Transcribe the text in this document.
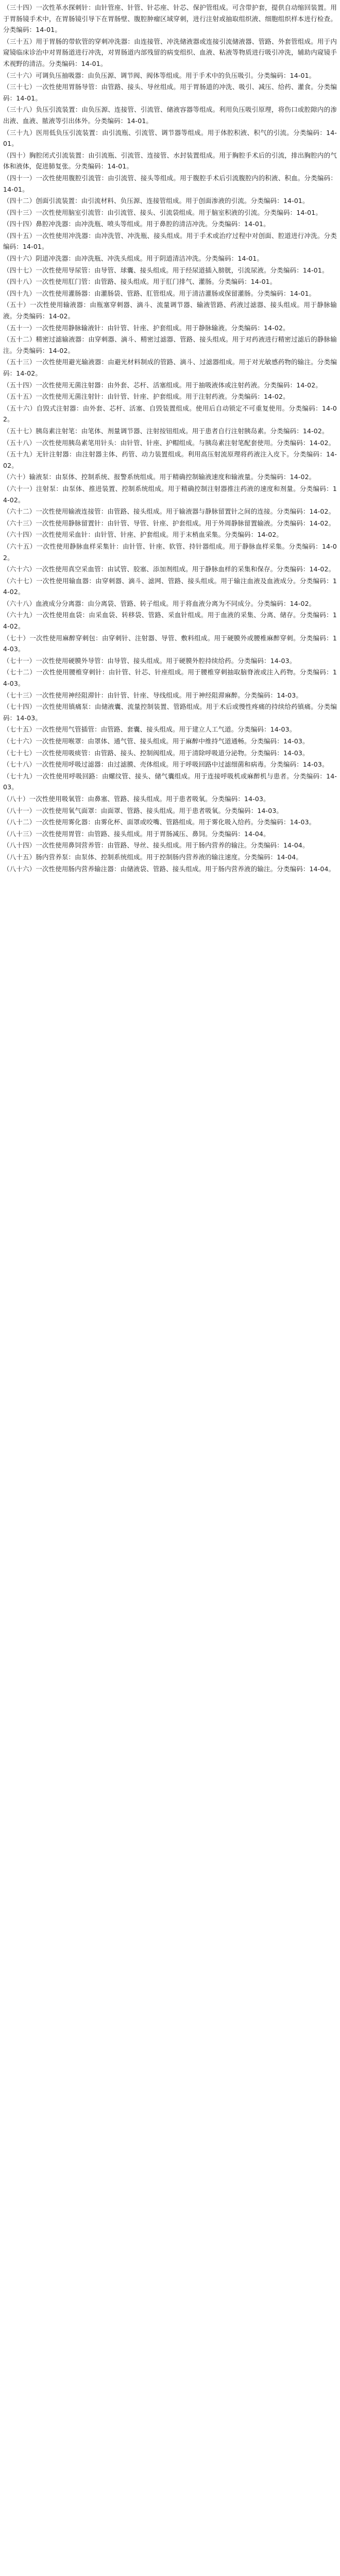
（三十四）一次性革水探刺针：由针管座、针管、针芯座、针芯、保护管组成。可含带护套，提供自动缩回装置。用于胃肠镜手术中，在胃肠镜引导下在胃肠壁、腹腔肿瘤区域穿刺，进行注射或抽取组织液、细胞组织样本进行检查。分类编码：14-01。

（三十五）用于胃肠的带软管的穿刺冲洗器：由连接管、冲洗储液器或连接引流储液器、管路、外套管组成。用于内窥镜临床诊治中对胃肠道进行冲洗，对胃肠道内部残留的病变组织、血液、粘液等物质进行吸引冲洗，辅助内窥镜手术视野的清洁。分类编码：14-01。

（三十六）可调负压抽吸器：由负压源、调节阀、阀体等组成。用于手术中的负压吸引。分类编码：14-01。

（三十七）一次性使用胃肠导管：由管路、接头、导丝组成。用于胃肠道的冲洗、吸引、减压、给药、灌食。分类编码：14-01。

（三十八）负压引流装置：由负压源、连接管、引流管、储液容器等组成。利用负压吸引原理，将伤口或腔隙内的渗出液、血液、脓液等引出体外。分类编码：14-01。

（三十九）医用低负压引流装置：由引流瓶、引流管、调节器等组成。用于体腔积液、积气的引流。分类编码：14-01。

（四十）胸腔闭式引流装置：由引流瓶、引流管、连接管、水封装置组成。用于胸腔手术后的引流，排出胸腔内的气体和液体，促进肺复张。分类编码：14-01。

（四十一）一次性使用腹腔引流管：由引流管、接头等组成。用于腹腔手术后引流腹腔内的积液、积血。分类编码：14-01。

（四十二）创面引流装置：由引流材料、负压源、连接管组成。用于创面渗液的引流。分类编码：14-01。

（四十三）一次性使用脑室引流管：由引流管、接头、引流袋组成。用于脑室积液的引流。分类编码：14-01。

（四十四）鼻腔冲洗器：由冲洗瓶、喷头等组成。用于鼻腔的清洁冲洗。分类编码：14-01。

（四十五）一次性使用冲洗器：由冲洗管、冲洗瓶、接头组成。用于手术或治疗过程中对创面、腔道进行冲洗。分类编码：14-01。

（四十六）阴道冲洗器：由冲洗瓶、冲洗头组成。用于阴道清洁冲洗。分类编码：14-01。

（四十七）一次性使用导尿管：由导管、球囊、接头组成。用于经尿道插入膀胱，引流尿液。分类编码：14-01。

（四十八）一次性使用肛门管：由管路、接头组成。用于肛门排气、灌肠。分类编码：14-01。

（四十九）一次性使用灌肠器：由灌肠袋、管路、肛管组成。用于清洁灌肠或保留灌肠。分类编码：14-01。

（五十）一次性使用输液器：由瓶塞穿刺器、滴斗、流量调节器、输液管路、药液过滤器、接头组成。用于静脉输液。分类编码：14-02。

（五十一）一次性使用静脉输液针：由针管、针座、护套组成。用于静脉输液。分类编码：14-02。

（五十二）精密过滤输液器：由穿刺器、滴斗、精密过滤器、管路、接头组成。用于对药液进行精密过滤后的静脉输注。分类编码：14-02。

（五十三）一次性使用避光输液器：由避光材料制成的管路、滴斗、过滤器组成。用于对光敏感药物的输注。分类编码：14-02。

（五十四）一次性使用无菌注射器：由外套、芯杆、活塞组成。用于抽吸液体或注射药液。分类编码：14-02。

（五十五）一次性使用无菌注射针：由针管、针座、护套组成。用于注射药液。分类编码：14-02。

（五十六）自毁式注射器：由外套、芯杆、活塞、自毁装置组成。使用后自动锁定不可重复使用。分类编码：14-02。

（五十七）胰岛素注射笔：由笔体、剂量调节器、注射按钮组成。用于患者自行注射胰岛素。分类编码：14-02。

（五十八）一次性使用胰岛素笔用针头：由针管、针座、护帽组成。与胰岛素注射笔配套使用。分类编码：14-02。

（五十九）无针注射器：由注射器主体、药管、动力装置组成。利用高压射流原理将药液注入皮下。分类编码：14-02。

（六十）输液泵：由泵体、控制系统、报警系统组成。用于精确控制输液速度和输液量。分类编码：14-02。

（六十一）注射泵：由泵体、推进装置、控制系统组成。用于精确控制注射器推注药液的速度和剂量。分类编码：14-02。

（六十二）一次性使用输液连接管：由管路、接头组成。用于输液器与静脉留置针之间的连接。分类编码：14-02。

（六十三）一次性使用静脉留置针：由针管、导管、针座、护套组成。用于外周静脉留置输液。分类编码：14-02。

（六十四）一次性使用采血针：由针管、针座、护套组成。用于末梢血采集。分类编码：14-02。

（六十五）一次性使用静脉血样采集针：由针管、针座、软管、持针器组成。用于静脉血样采集。分类编码：14-02。

（六十六）一次性使用真空采血管：由试管、胶塞、添加剂组成。用于静脉血样的采集和保存。分类编码：14-02。

（六十七）一次性使用输血器：由穿刺器、滴斗、滤网、管路、接头组成。用于输注血液及血液成分。分类编码：14-02。

（六十八）血液成分分离器：由分离袋、管路、转子组成。用于将血液分离为不同成分。分类编码：14-02。

（六十九）一次性使用血袋：由采血袋、转移袋、管路、采血针组成。用于血液的采集、分离、储存。分类编码：14-02。

（七十）一次性使用麻醉穿刺包：由穿刺针、注射器、导管、敷料组成。用于硬膜外或腰椎麻醉穿刺。分类编码：14-03。

（七十一）一次性使用硬膜外导管：由导管、接头组成。用于硬膜外腔持续给药。分类编码：14-03。

（七十二）一次性使用腰椎穿刺针：由针管、针芯、针座组成。用于腰椎穿刺抽取脑脊液或注入药物。分类编码：14-03。

（七十三）一次性使用神经阻滞针：由针管、针座、导线组成。用于神经阻滞麻醉。分类编码：14-03。

（七十四）一次性使用镇痛泵：由储液囊、流量控制装置、管路组成。用于术后或慢性疼痛的持续给药镇痛。分类编码：14-03。

（七十五）一次性使用气管插管：由管路、套囊、接头组成。用于建立人工气道。分类编码：14-03。

（七十六）一次性使用喉罩：由罩体、通气管、接头组成。用于麻醉中维持气道通畅。分类编码：14-03。

（七十七）一次性使用吸痰管：由管路、接头、控制阀组成。用于清除呼吸道分泌物。分类编码：14-03。

（七十八）一次性使用呼吸过滤器：由过滤膜、壳体组成。用于呼吸回路中过滤细菌和病毒。分类编码：14-03。

（七十九）一次性使用呼吸回路：由螺纹管、接头、储气囊组成。用于连接呼吸机或麻醉机与患者。分类编码：14-03。

（八十）一次性使用吸氧管：由鼻塞、管路、接头组成。用于患者吸氧。分类编码：14-03。

（八十一）一次性使用氧气面罩：由面罩、管路、接头组成。用于患者吸氧。分类编码：14-03。

（八十二）一次性使用雾化器：由雾化杯、面罩或咬嘴、管路组成。用于雾化吸入给药。分类编码：14-03。

（八十三）一次性使用胃管：由管路、接头组成。用于胃肠减压、鼻饲。分类编码：14-04。

（八十四）一次性使用鼻饲营养管：由管路、导丝、接头组成。用于肠内营养的输注。分类编码：14-04。

（八十五）肠内营养泵：由泵体、控制系统组成。用于控制肠内营养液的输注速度。分类编码：14-04。

（八十六）一次性使用肠内营养输注器：由储液袋、管路、接头组成。用于肠内营养液的输注。分类编码：14-04。
